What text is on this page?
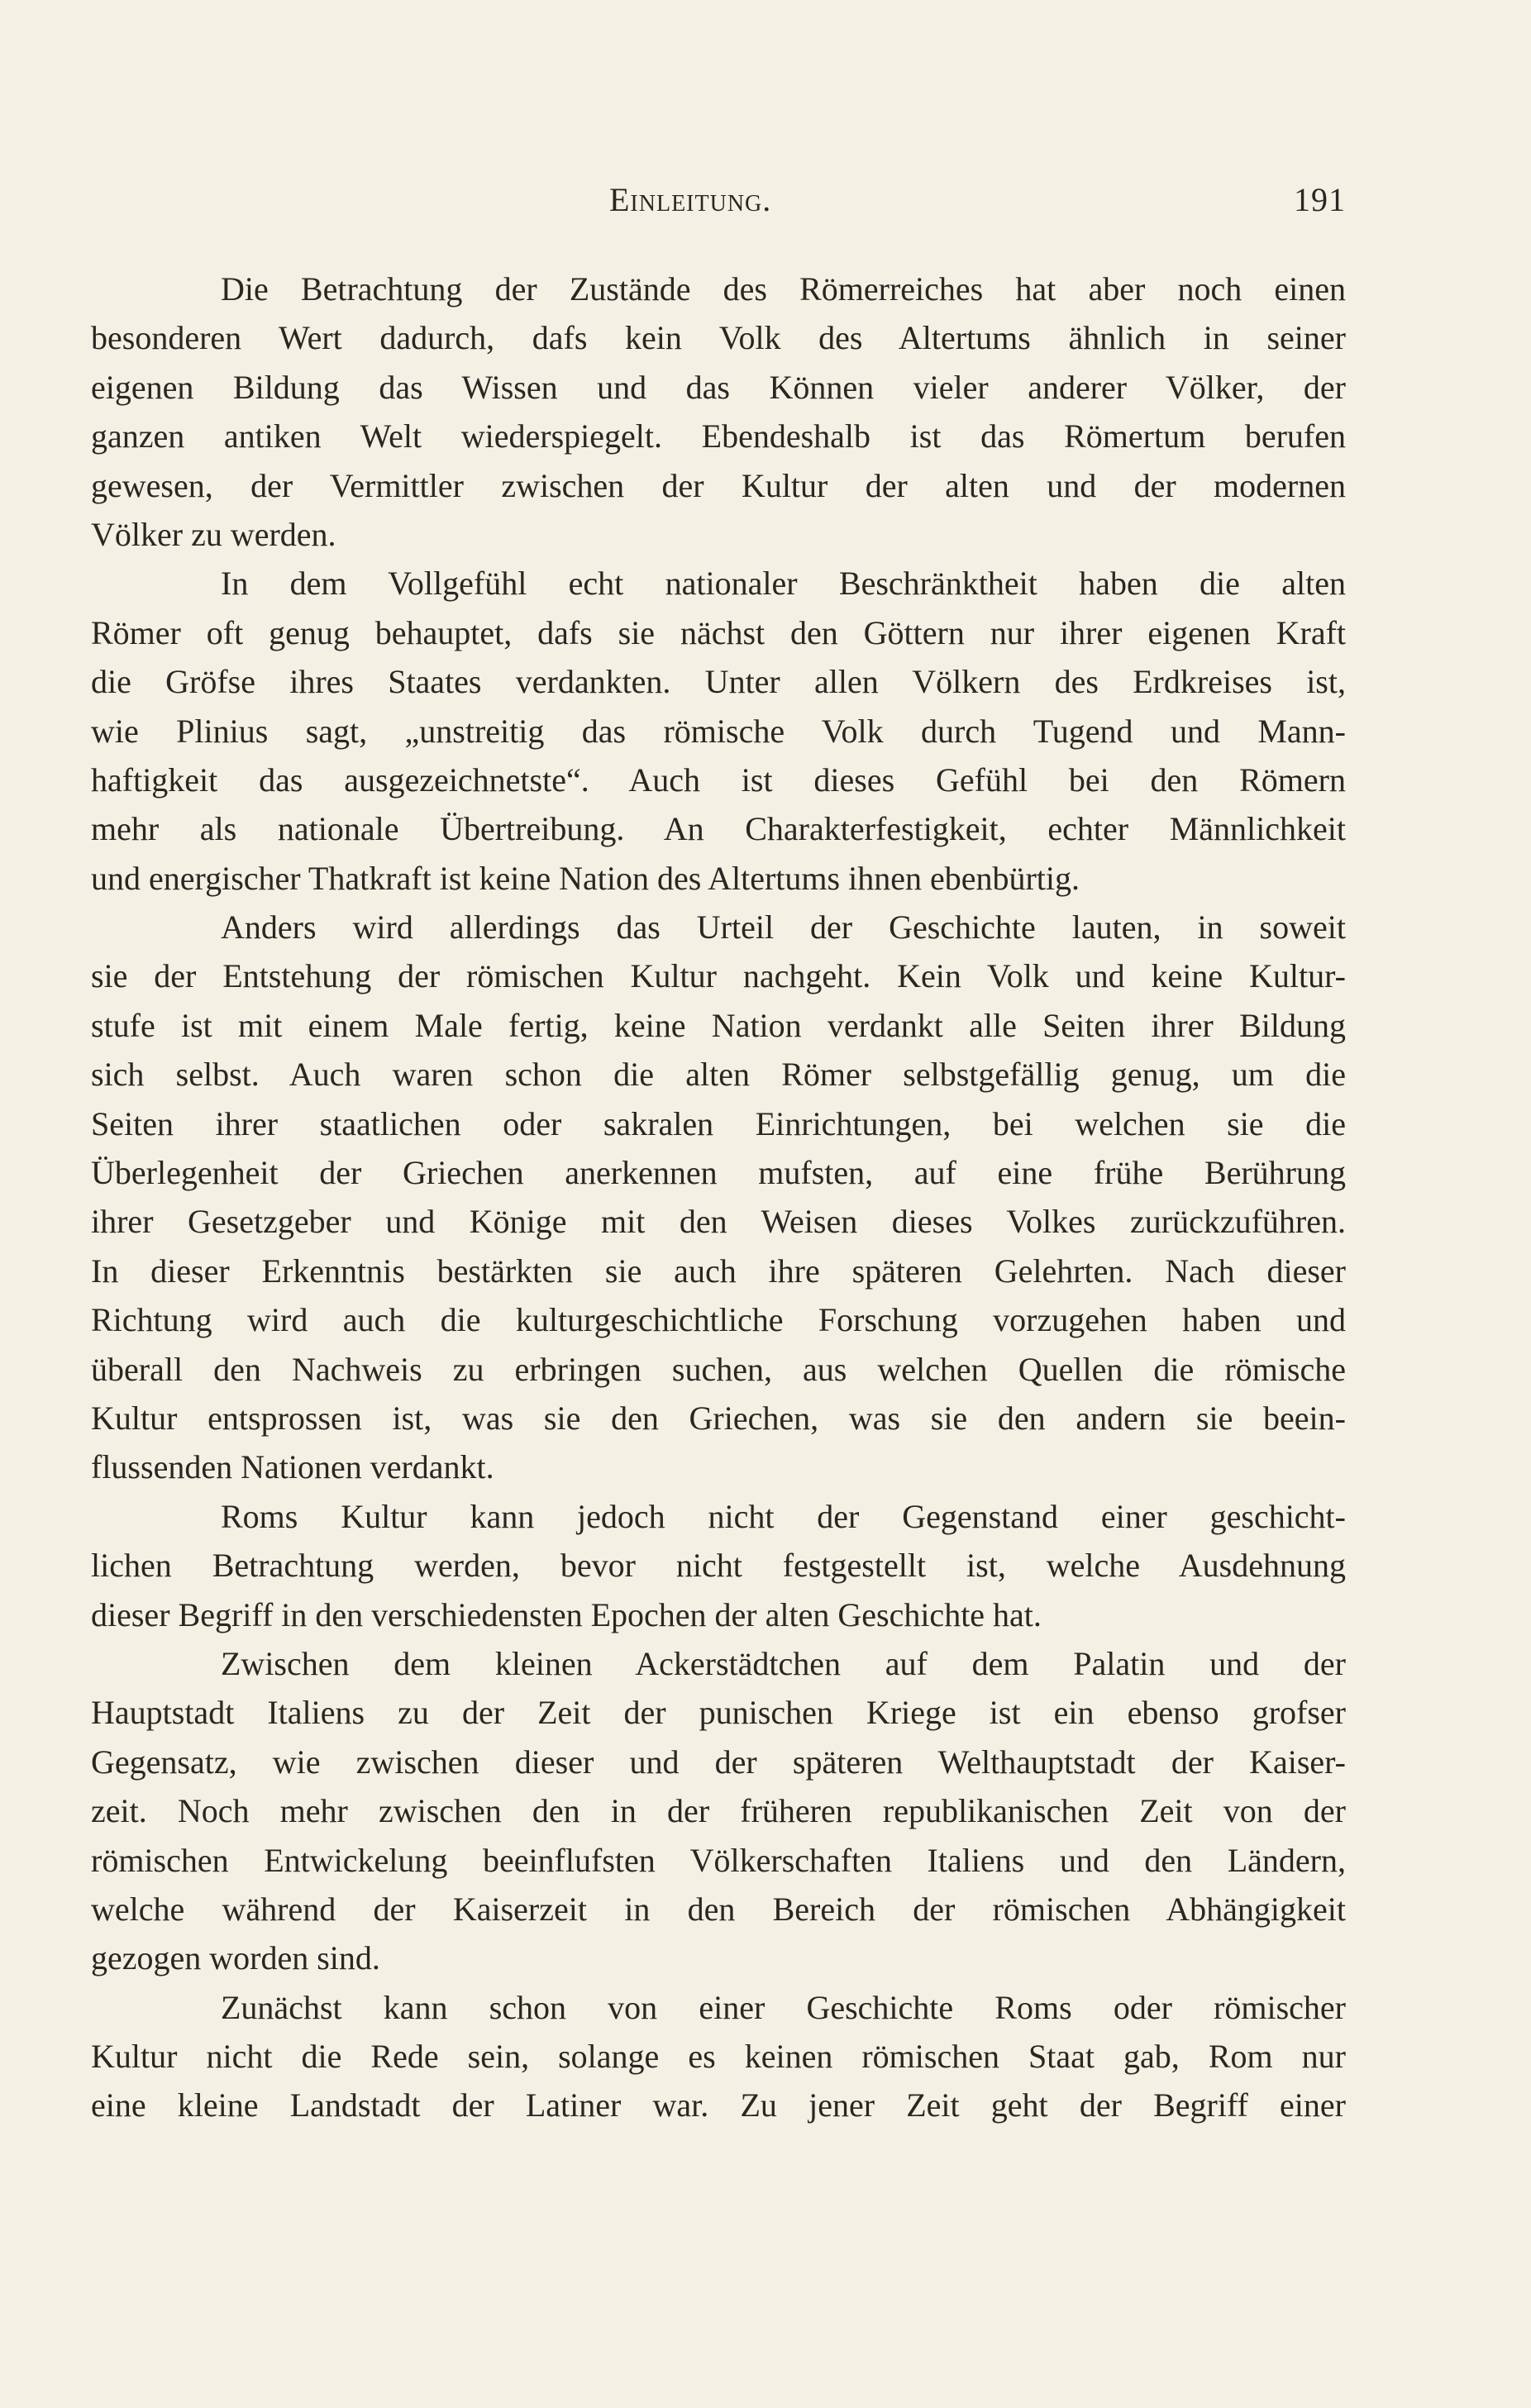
Einleitung.	191
Die Betrachtung der Zustände des Römerreiches hat aber noch einen
besonderen Wert dadurch, dafs kein Volk des Altertums ähnlich in seiner
eigenen Bildung das Wissen und das Können vieler anderer Völker, der
ganzen antiken Welt wiederspiegelt. Ebendeshalb ist das Römertum berufen
gewesen, der Vermittler zwischen der Kultur der alten und der modernen
Völker zu werden.
In dem Vollgefühl echt nationaler Beschränktheit haben die alten
Römer oft genug behauptet, dafs sie nächst den Göttern nur ihrer eigenen Kraft
die Gröfse ihres Staates verdankten. Unter allen Völkern des Erdkreises ist,
wie Plinius sagt, „unstreitig das römische Volk durch Tugend und Mann-
haftigkeit das ausgezeichnetste“. Auch ist dieses Gefühl bei den Römern
mehr als nationale Übertreibung. An Charakterfestigkeit, echter Männlichkeit
und energischer Thatkraft ist keine Nation des Altertums ihnen ebenbürtig.
Anders wird allerdings das Urteil der Geschichte lauten, in soweit
sie der Entstehung der römischen Kultur nachgeht. Kein Volk und keine Kultur-
stufe ist mit einem Male fertig, keine Nation verdankt alle Seiten ihrer Bildung
sich selbst. Auch waren schon die alten Römer selbstgefällig genug, um die
Seiten ihrer staatlichen oder sakralen Einrichtungen, bei welchen sie die
Überlegenheit der Griechen anerkennen mufsten, auf eine frühe Berührung
ihrer Gesetzgeber und Könige mit den Weisen dieses Volkes zurückzuführen.
In dieser Erkenntnis bestärkten sie auch ihre späteren Gelehrten. Nach dieser
Richtung wird auch die kulturgeschichtliche Forschung vorzugehen haben und
überall den Nachweis zu erbringen suchen, aus welchen Quellen die römische
Kultur entsprossen ist, was sie den Griechen, was sie den andern sie beein-
flussenden Nationen verdankt.
Roms Kultur kann jedoch nicht der Gegenstand einer geschicht-
lichen Betrachtung werden, bevor nicht festgestellt ist, welche Ausdehnung
dieser Begriff in den verschiedensten Epochen der alten Geschichte hat.
Zwischen dem kleinen Ackerstädtchen auf dem Palatin und der
Hauptstadt Italiens zu der Zeit der punischen Kriege ist ein ebenso grofser
Gegensatz, wie zwischen dieser und der späteren Welthauptstadt der Kaiser-
zeit. Noch mehr zwischen den in der früheren republikanischen Zeit von der
römischen Entwickelung beeinflufsten Völkerschaften Italiens und den Ländern,
welche während der Kaiserzeit in den Bereich der römischen Abhängigkeit
gezogen worden sind.
Zunächst kann schon von einer Geschichte Roms oder römischer
Kultur nicht die Rede sein, solange es keinen römischen Staat gab, Rom nur
eine kleine Landstadt der Latiner war. Zu jener Zeit geht der Begriff einer
